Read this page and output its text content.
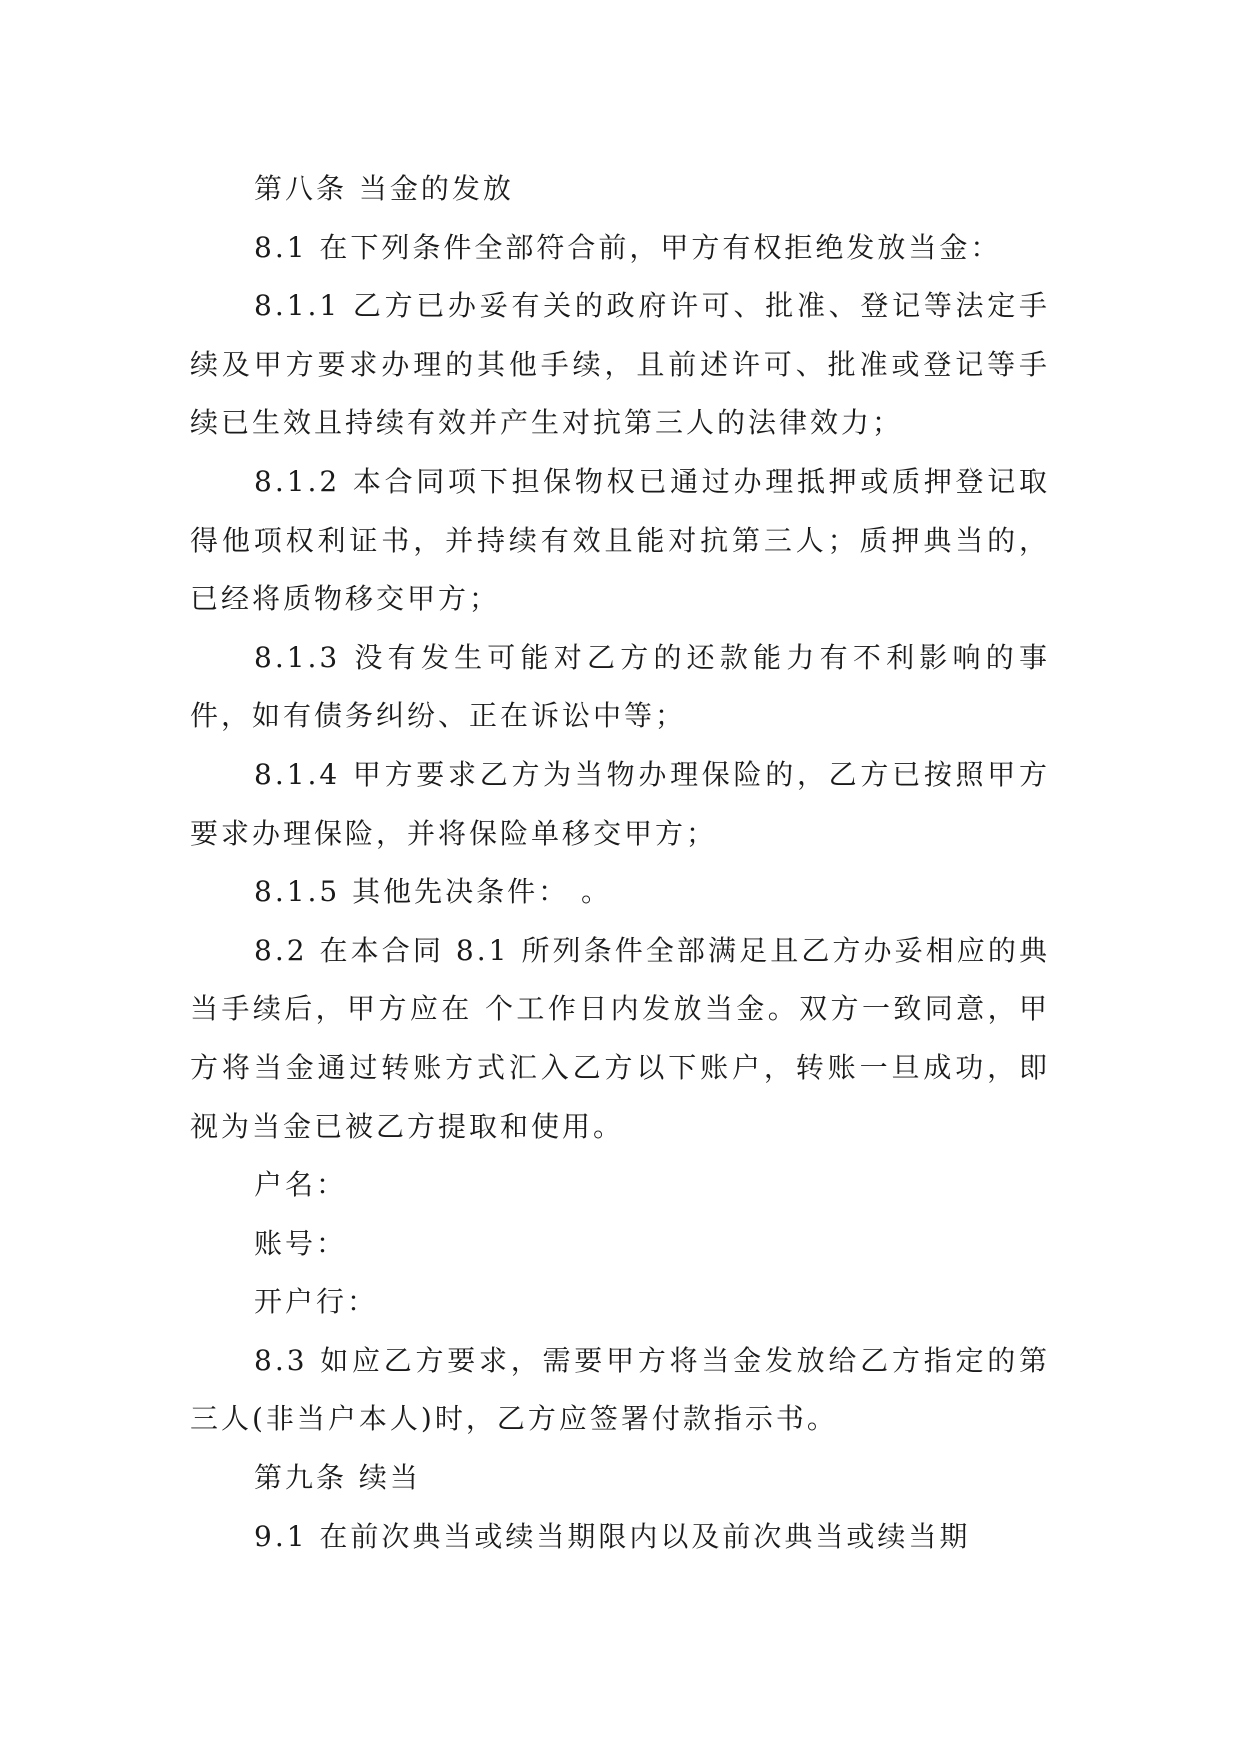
第八条 当金的发放

8.1 在下列条件全部符合前，甲方有权拒绝发放当金：

8.1.1 乙方已办妥有关的政府许可、批准、登记等法定手续及甲方要求办理的其他手续，且前述许可、批准或登记等手续已生效且持续有效并产生对抗第三人的法律效力；

8.1.2 本合同项下担保物权已通过办理抵押或质押登记取得他项权利证书，并持续有效且能对抗第三人；质押典当的，已经将质物移交甲方；

8.1.3 没有发生可能对乙方的还款能力有不利影响的事件，如有债务纠纷、正在诉讼中等；

8.1.4 甲方要求乙方为当物办理保险的，乙方已按照甲方要求办理保险，并将保险单移交甲方；

8.1.5 其他先决条件： 。

8.2 在本合同 8.1 所列条件全部满足且乙方办妥相应的典当手续后，甲方应在 个工作日内发放当金。双方一致同意，甲方将当金通过转账方式汇入乙方以下账户，转账一旦成功，即视为当金已被乙方提取和使用。

户名：

账号：

开户行：

8.3 如应乙方要求，需要甲方将当金发放给乙方指定的第三人(非当户本人)时，乙方应签署付款指示书。

第九条 续当

9.1 在前次典当或续当期限内以及前次典当或续当期
